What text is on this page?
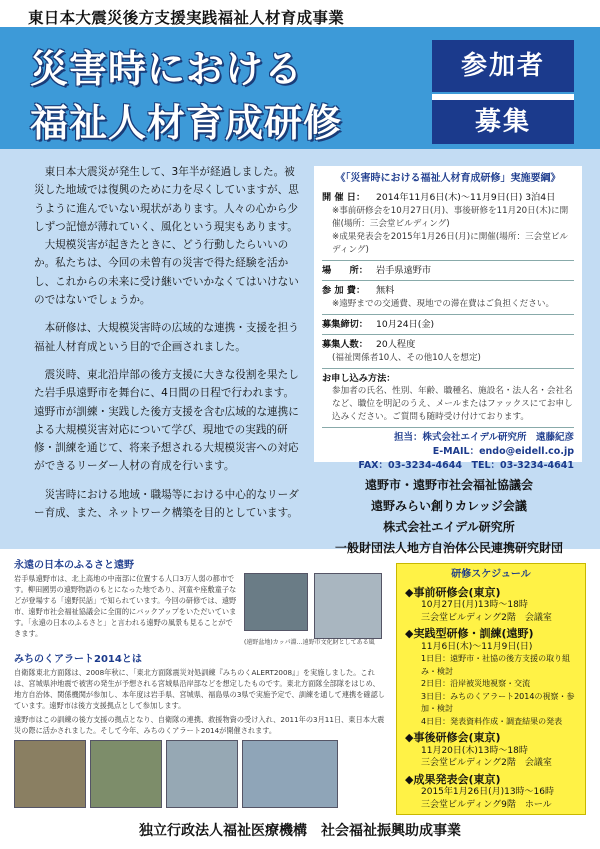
東日本大震災後方支援実践福祉人材育成事業
災害時における
福祉人材育成研修
参加者
募集

東日本大震災が発生して、3年半が経過しました。被災した地域では復興のために力を尽くしていますが、思うように進んでいない現状があります。人々の心から少しずつ記憶が薄れていく、風化という現実もあります。

大規模災害が起きたときに、どう行動したらいいのか。私たちは、今回の未曾有の災害で得た経験を活かし、これからの未来に受け継いでいかなくてはいけないのではないでしょうか。

本研修は、大規模災害時の広域的な連携・支援を担う福祉人材育成という目的で企画されました。

震災時、東北沿岸部の後方支援に大きな役割を果たした岩手県遠野市を舞台に、4日間の日程で行われます。遠野市が訓練・実践した後方支援を含む広域的な連携による大規模災害対応について学び、現地での実践的研修・訓練を通じて、将来予想される大規模災害への対応ができるリーダー人材の育成を行います。

災害時における地域・職場等における中心的なリーダー育成、また、ネットワーク構築を目的としています。

《「災害時における福祉人材育成研修」実施要綱》
開 催 日：	2014年11月6日(木)～11月9日(日) 3泊4日
※事前研修会を10月27日(月)、事後研修を11月20日(木)に開催(場所：三会堂ビルディング)
※成果発表会を2015年1月26日(月)に開催(場所：三会堂ビルディング)
場　　所： 岩手県遠野市
参 加 費：	無料
※遠野までの交通費、現地での滞在費はご負担ください。
募集締切： 10月24日(金)
募集人数： 20人程度
(福祉関係者10人、その他10人を想定)
お申し込み方法：
参加者の氏名、性別、年齢、職種名、施設名・法人名・会社名など、職位を明記のうえ、メールまたはファックスにてお申し込みください。ご質問も随時受け付けております。
担当：株式会社エイデル研究所　遠藤紀彦
E-MAIL：endo@eidell.co.jp
FAX：03-3234-4644　TEL：03-3234-4641
遠野市・遠野市社会福祉協議会
遠野みらい創りカレッジ会議
株式会社エイデル研究所
一般財団法人地方自治体公民連携研究財団
永遠の日本のふるさと遠野
岩手県遠野市は、北上高地の中南部に位置する人口3万人弱の都市です。柳田國男の遠野物語のもとになった地であり、河童や座敷童子などが登場する「遠野民話」で知られています。今回の研修では、遠野市、遠野市社会福祉協議会に全面的にバックアップをいただいています。「永遠の日本のふるさと」と言われる遠野の風景も見ることができます。
(遠野盆地)カッパ淵…遠野市文化財としてある風
みちのくアラート2014とは
自衛隊東北方面隊は、2008年秋に、「東北方面隊震災対処訓練『みちのくALERT2008』」を実施しました。これは、宮城県沖地震で被害の発生が予想される宮城県沿岸部などを想定したものです。東北方面隊全部隊をはじめ、地方自治体、関係機関が参加し、本年度は岩手県、宮城県、福島県の3県で実施予定で、訓練を通して連携を確認しています。遠野市は後方支援拠点として参加します。
遠野市はこの訓練の後方支援の拠点となり、自衛隊の連携、救援物資の受け入れ、2011年の3月11日、東日本大震災の際に活かされました。そして今年、みちのくアラート2014が開催されます。
研修スケジュール
◆事前研修会(東京)
10月27日(月)13時～18時
三会堂ビルディング2階　会議室
◆実践型研修・訓練(遠野)
11月6日(木)～11月9日(日)
1日目：遠野市・社協の後方支援の取り組み・検討
2日目：沿岸被災地視察・交流
3日目：みちのくアラート2014の視察・参加・検討
4日目：発表資料作成・調査結果の発表
◆事後研修会(東京)
11月20日(木)13時～18時
三会堂ビルディング2階　会議室
◆成果発表会(東京)
2015年1月26日(月)13時～16時
三会堂ビルディング9階　ホール
独立行政法人福祉医療機構　社会福祉振興助成事業
